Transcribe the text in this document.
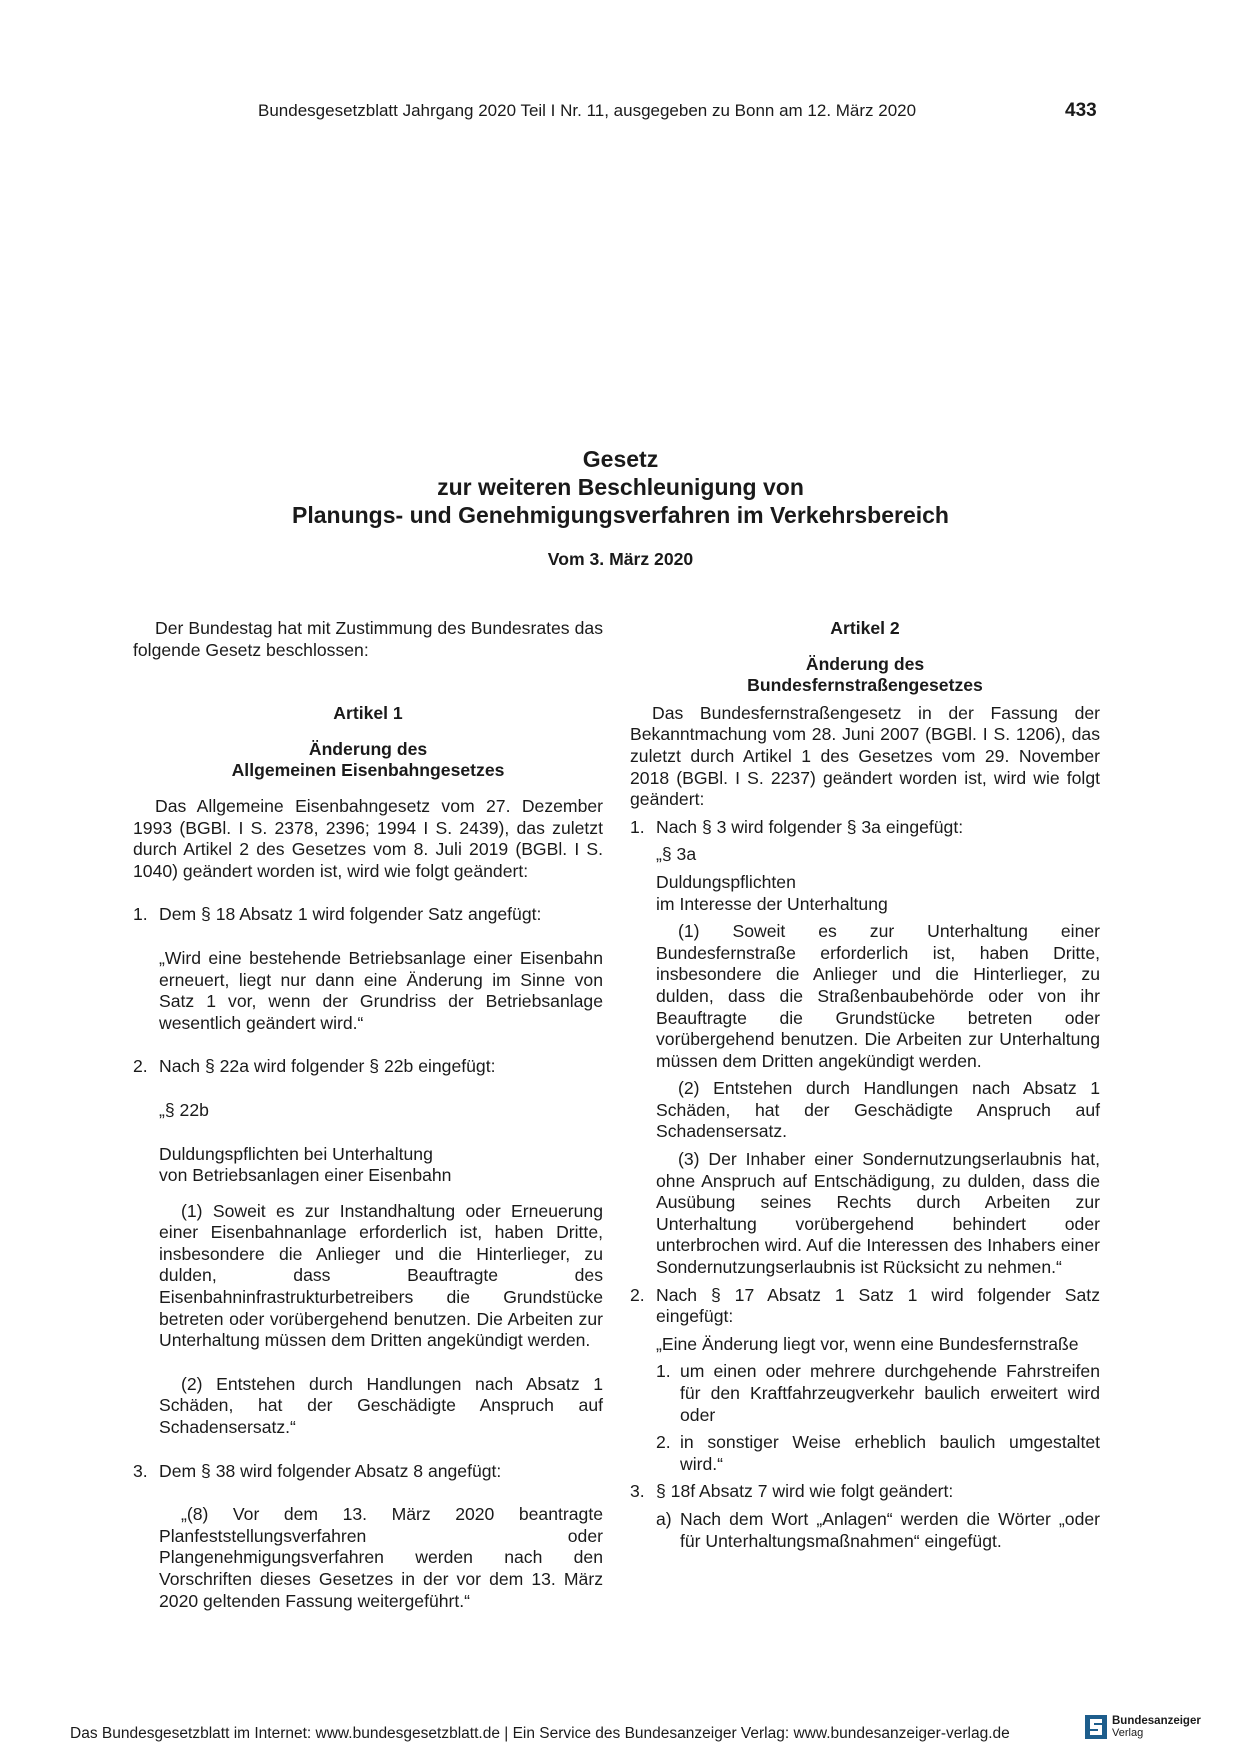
Bundesgesetzblatt Jahrgang 2020 Teil I Nr. 11, ausgegeben zu Bonn am 12. März 2020	433
Gesetz
zur weiteren Beschleunigung von
Planungs- und Genehmigungsverfahren im Verkehrsbereich
Vom 3. März 2020

Der Bundestag hat mit Zustimmung des Bundesrates das folgende Gesetz beschlossen:

Artikel 1

Änderung des

Allgemeinen Eisenbahngesetzes

Das Allgemeine Eisenbahngesetz vom 27. Dezember 1993 (BGBl. I S. 2378, 2396; 1994 I S. 2439), das zuletzt durch Artikel 2 des Gesetzes vom 8. Juli 2019 (BGBl. I S. 1040) geändert worden ist, wird wie folgt geändert:

1. Dem § 18 Absatz 1 wird folgender Satz angefügt:

„Wird eine bestehende Betriebsanlage einer Eisenbahn erneuert, liegt nur dann eine Änderung im Sinne von Satz 1 vor, wenn der Grundriss der Betriebsanlage wesentlich geändert wird.“

2. Nach § 22a wird folgender § 22b eingefügt:

„§ 22b

Duldungspflichten bei Unterhaltung

von Betriebsanlagen einer Eisenbahn

(1) Soweit es zur Instandhaltung oder Erneuerung einer Eisenbahnanlage erforderlich ist, haben Dritte, insbesondere die Anlieger und die Hinterlieger, zu dulden, dass Beauftragte des Eisenbahninfrastrukturbetreibers die Grundstücke betreten oder vorübergehend benutzen. Die Arbeiten zur Unterhaltung müssen dem Dritten angekündigt werden.

(2) Entstehen durch Handlungen nach Absatz 1 Schäden, hat der Geschädigte Anspruch auf Schadensersatz.“

3. Dem § 38 wird folgender Absatz 8 angefügt:

„(8) Vor dem 13. März 2020 beantragte Planfeststellungsverfahren oder Plangenehmigungsverfahren werden nach den Vorschriften dieses Gesetzes in der vor dem 13. März 2020 geltenden Fassung weitergeführt.“

Artikel 2

Änderung des

Bundesfernstraßengesetzes

Das Bundesfernstraßengesetz in der Fassung der Bekanntmachung vom 28. Juni 2007 (BGBl. I S. 1206), das zuletzt durch Artikel 1 des Gesetzes vom 29. November 2018 (BGBl. I S. 2237) geändert worden ist, wird wie folgt geändert:

1. Nach § 3 wird folgender § 3a eingefügt:

„§ 3a

Duldungspflichten

im Interesse der Unterhaltung

(1) Soweit es zur Unterhaltung einer Bundesfernstraße erforderlich ist, haben Dritte, insbesondere die Anlieger und die Hinterlieger, zu dulden, dass die Straßenbaubehörde oder von ihr Beauftragte die Grundstücke betreten oder vorübergehend benutzen. Die Arbeiten zur Unterhaltung müssen dem Dritten angekündigt werden.

(2) Entstehen durch Handlungen nach Absatz 1 Schäden, hat der Geschädigte Anspruch auf Schadensersatz.

(3) Der Inhaber einer Sondernutzungserlaubnis hat, ohne Anspruch auf Entschädigung, zu dulden, dass die Ausübung seines Rechts durch Arbeiten zur Unterhaltung vorübergehend behindert oder unterbrochen wird. Auf die Interessen des Inhabers einer Sondernutzungserlaubnis ist Rücksicht zu nehmen.“

2. Nach § 17 Absatz 1 Satz 1 wird folgender Satz eingefügt:

„Eine Änderung liegt vor, wenn eine Bundesfernstraße

1. um einen oder mehrere durchgehende Fahrstreifen für den Kraftfahrzeugverkehr baulich erweitert wird oder
2. in sonstiger Weise erheblich baulich umgestaltet wird.“
3. § 18f Absatz 7 wird wie folgt geändert:
a) Nach dem Wort „Anlagen“ werden die Wörter „oder für Unterhaltungsmaßnahmen“ eingefügt.
Das Bundesgesetzblatt im Internet: www.bundesgesetzblatt.de | Ein Service des Bundesanzeiger Verlag: www.bundesanzeiger-verlag.de
Bundesanzeiger
Verlag
